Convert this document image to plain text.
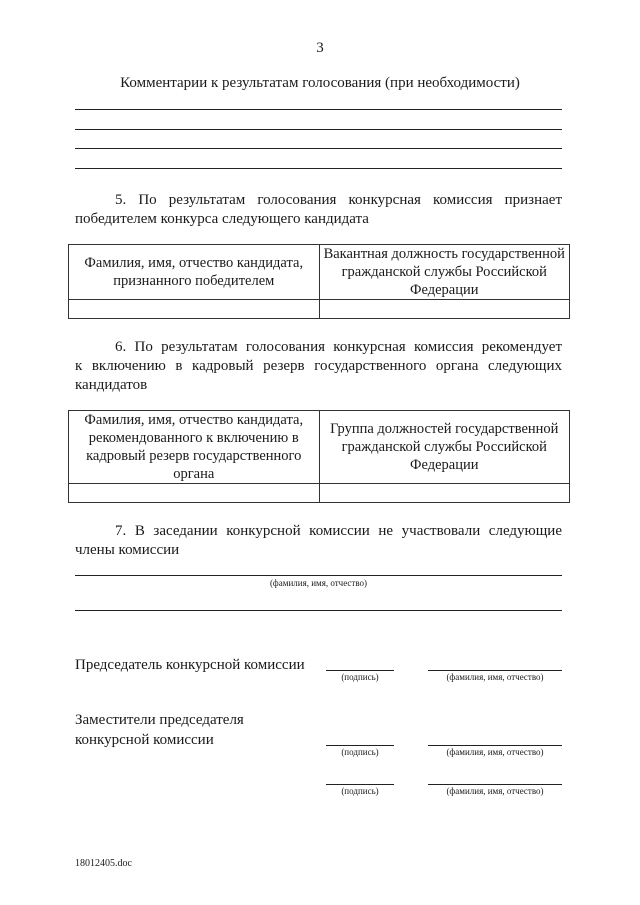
3
Комментарии к результатам голосования (при необходимости)
5. По результатам голосования конкурсная комиссия признает
победителем конкурса следующего кандидата
Фамилия, имя, отчество кандидата, признанного победителем	Вакантная должность государственной гражданской службы Российской Федерации

6. По результатам голосования конкурсная комиссия рекомендует
к включению в кадровый резерв государственного органа следующих
кандидатов
Фамилия, имя, отчество кандидата, рекомендованного к включению в кадровый резерв государственного органа	Группа должностей государственной гражданской службы Российской Федерации

7. В заседании конкурсной комиссии не участвовали следующие
члены комиссии
(фамилия, имя, отчество)
Председатель конкурсной комиссии
(подпись)	(фамилия, имя, отчество)
Заместители председателя
конкурсной комиссии
(подпись)	(фамилия, имя, отчество)
(подпись)	(фамилия, имя, отчество)
18012405.doc
